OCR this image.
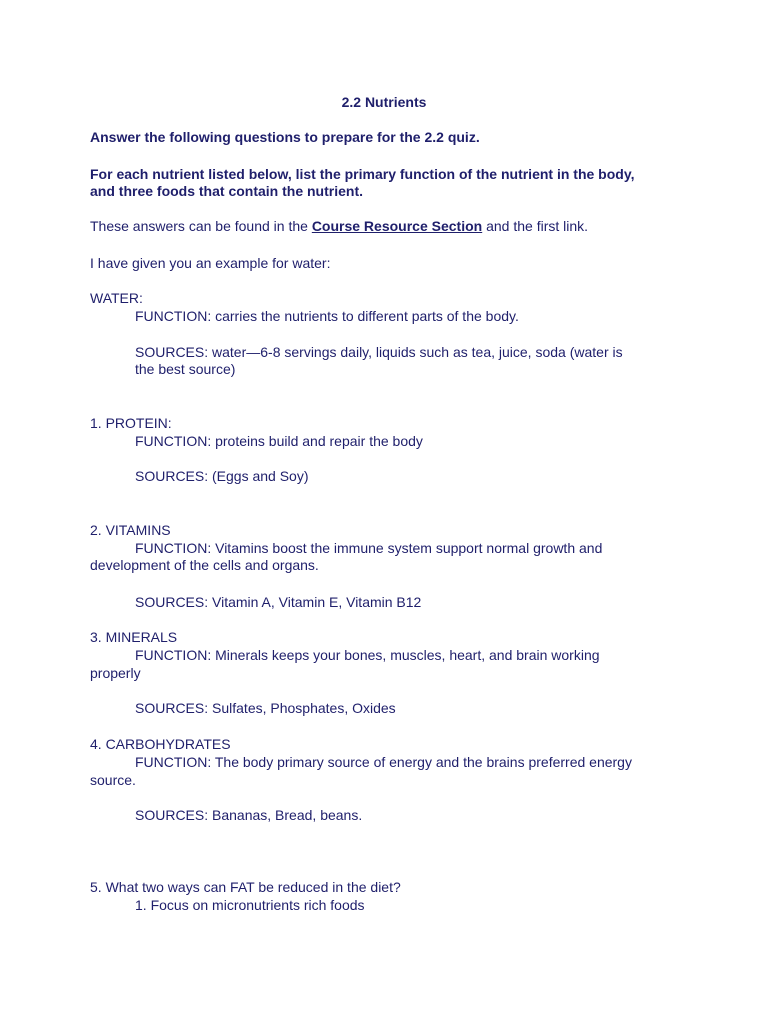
2.2 Nutrients
Answer the following questions to prepare for the 2.2 quiz.
For each nutrient listed below, list the primary function of the nutrient in the body,
and three foods that contain the nutrient.
These answers can be found in the Course Resource Section and the first link.
I have given you an example for water:
WATER:
FUNCTION: carries the nutrients to different parts of the body.
SOURCES: water—6-8 servings daily, liquids such as tea, juice, soda (water is
the best source)
1. PROTEIN:
FUNCTION: proteins build and repair the body
SOURCES: (Eggs and Soy)
2. VITAMINS
FUNCTION: Vitamins boost the immune system support normal growth and
development of the cells and organs.
SOURCES: Vitamin A, Vitamin E, Vitamin B12
3. MINERALS
FUNCTION: Minerals keeps your bones, muscles, heart, and brain working
properly
SOURCES: Sulfates, Phosphates, Oxides
4. CARBOHYDRATES
FUNCTION: The body primary source of energy and the brains preferred energy
source.
SOURCES: Bananas, Bread, beans.
5. What two ways can FAT be reduced in the diet?
1. Focus on micronutrients rich foods
